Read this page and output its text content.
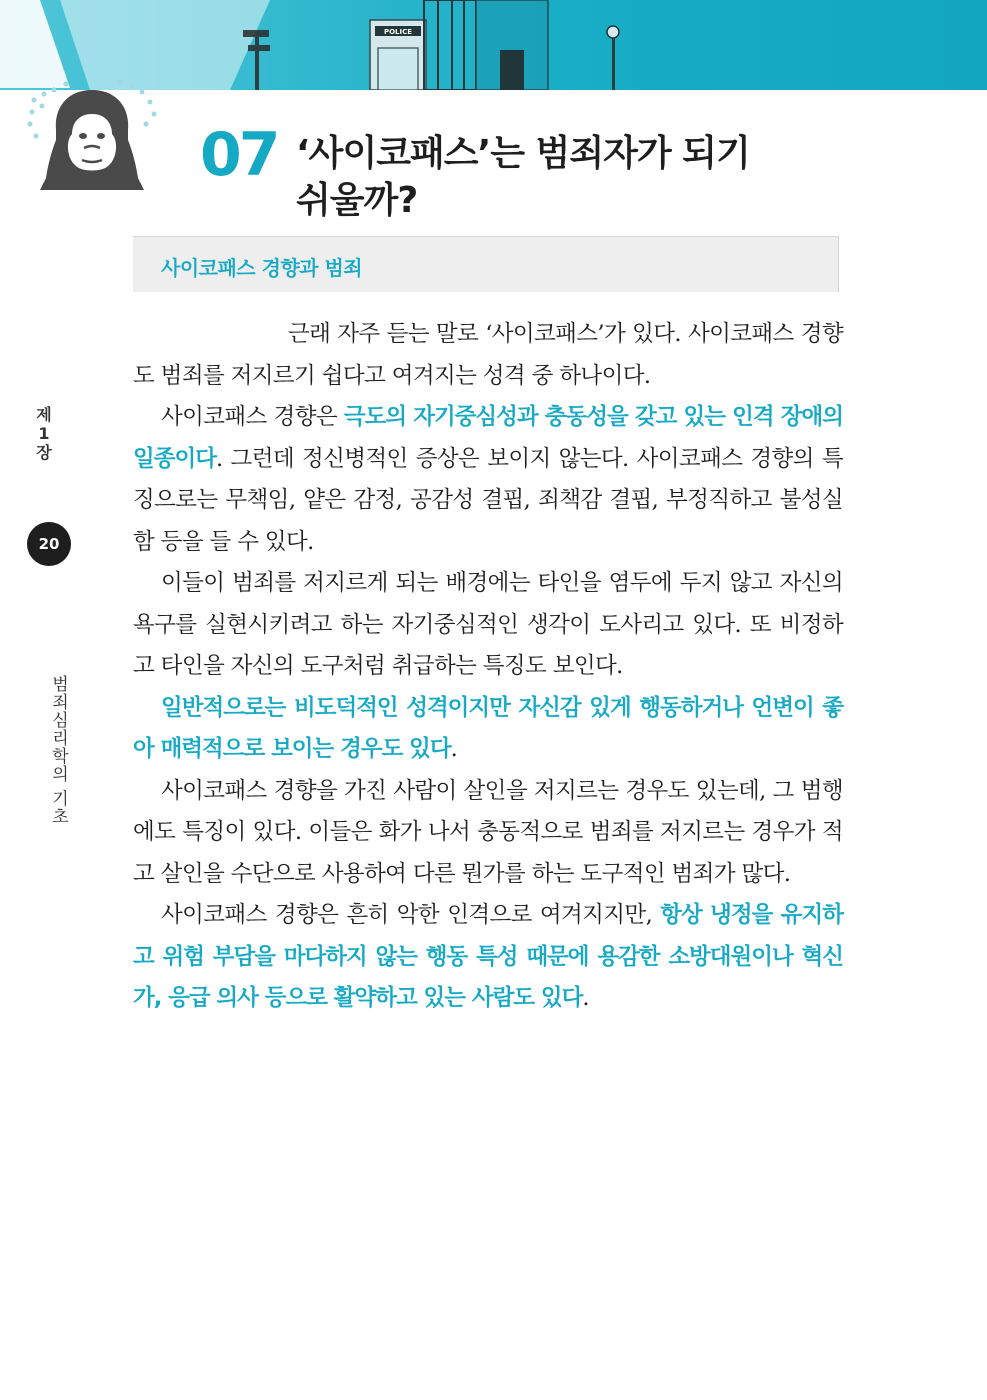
POLICE
07 ‘사이코패스’는 범죄자가 되기
쉬울까?
사이코패스 경향과 범죄
제1장
20
범죄심리학의 기초

근래 자주 듣는 말로 ‘사이코패스’가 있다. 사이코패스 경향도 범죄를 저지르기 쉽다고 여겨지는 성격 중 하나이다.

사이코패스 경향은 극도의 자기중심성과 충동성을 갖고 있는 인격 장애의 일종이다. 그런데 정신병적인 증상은 보이지 않는다. 사이코패스 경향의 특징으로는 무책임, 얕은 감정, 공감성 결핍, 죄책감 결핍, 부정직하고 불성실함 등을 들 수 있다.

이들이 범죄를 저지르게 되는 배경에는 타인을 염두에 두지 않고 자신의 욕구를 실현시키려고 하는 자기중심적인 생각이 도사리고 있다. 또 비정하고 타인을 자신의 도구처럼 취급하는 특징도 보인다.

일반적으로는 비도덕적인 성격이지만 자신감 있게 행동하거나 언변이 좋아 매력적으로 보이는 경우도 있다.

사이코패스 경향을 가진 사람이 살인을 저지르는 경우도 있는데, 그 범행에도 특징이 있다. 이들은 화가 나서 충동적으로 범죄를 저지르는 경우가 적고 살인을 수단으로 사용하여 다른 뭔가를 하는 도구적인 범죄가 많다.

사이코패스 경향은 흔히 악한 인격으로 여겨지지만, 항상 냉정을 유지하고 위험 부담을 마다하지 않는 행동 특성 때문에 용감한 소방대원이나 혁신가, 응급 의사 등으로 활약하고 있는 사람도 있다.
